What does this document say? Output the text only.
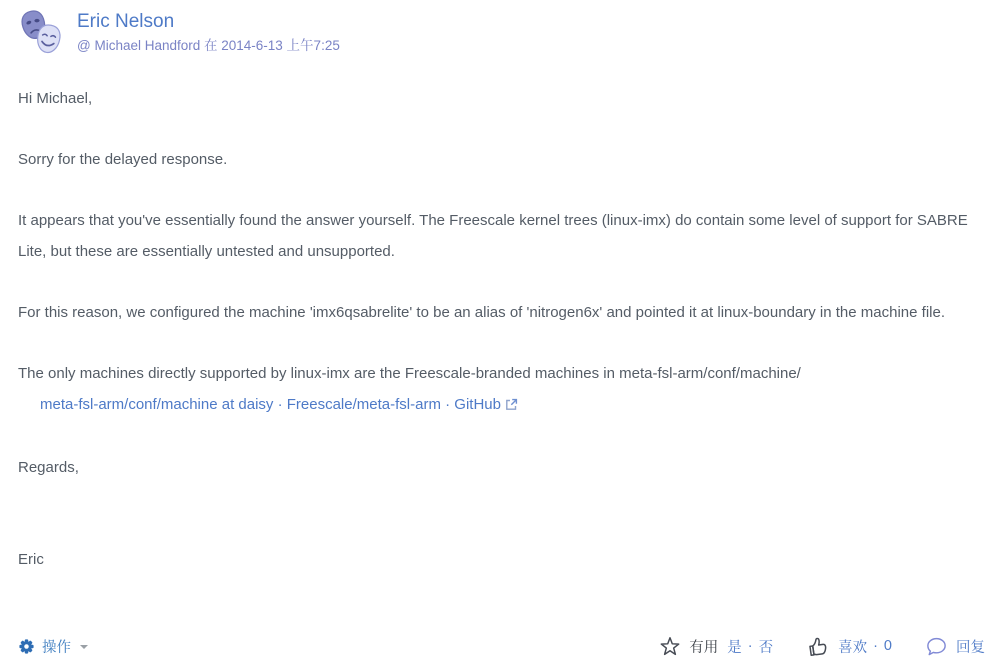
Eric Nelson
@ Michael Handford 在 2014-6-13 上午7:25

Hi Michael,

Sorry for the delayed response.

It appears that you've essentially found the answer yourself. The Freescale kernel trees (linux-imx) do contain some level of support for SABRE Lite, but these are essentially untested and unsupported.

For this reason, we configured the machine 'imx6qsabrelite' to be an alias of 'nitrogen6x' and pointed it at linux-boundary in the machine file.

The only machines directly supported by linux-imx are the Freescale-branded machines in meta-fsl-arm/conf/machine/
meta-fsl-arm/conf/machine at daisy · Freescale/meta-fsl-arm · GitHub

Regards,

Eric

操作	有用 是 · 否	喜欢 · 0	回复
